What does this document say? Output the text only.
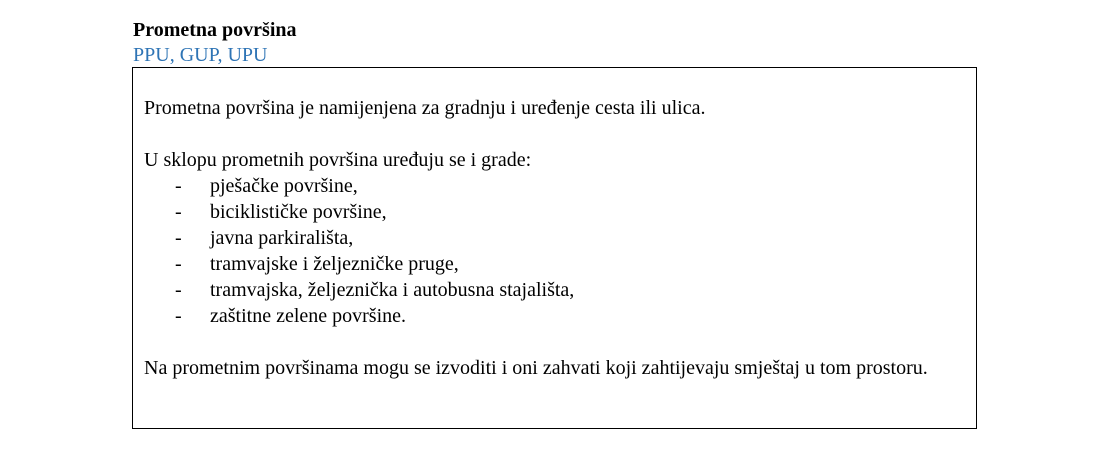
Prometna površina
PPU, GUP, UPU

Prometna površina je namijenjena za gradnju i uređenje cesta ili ulica.

U sklopu prometnih površina uređuju se i grade:

- pješačke površine,
- biciklističke površine,
- javna parkirališta,
- tramvajske i željezničke pruge,
- tramvajska, željeznička i autobusna stajališta,
- zaštitne zelene površine.

Na prometnim površinama mogu se izvoditi i oni zahvati koji zahtijevaju smještaj u tom prostoru.
